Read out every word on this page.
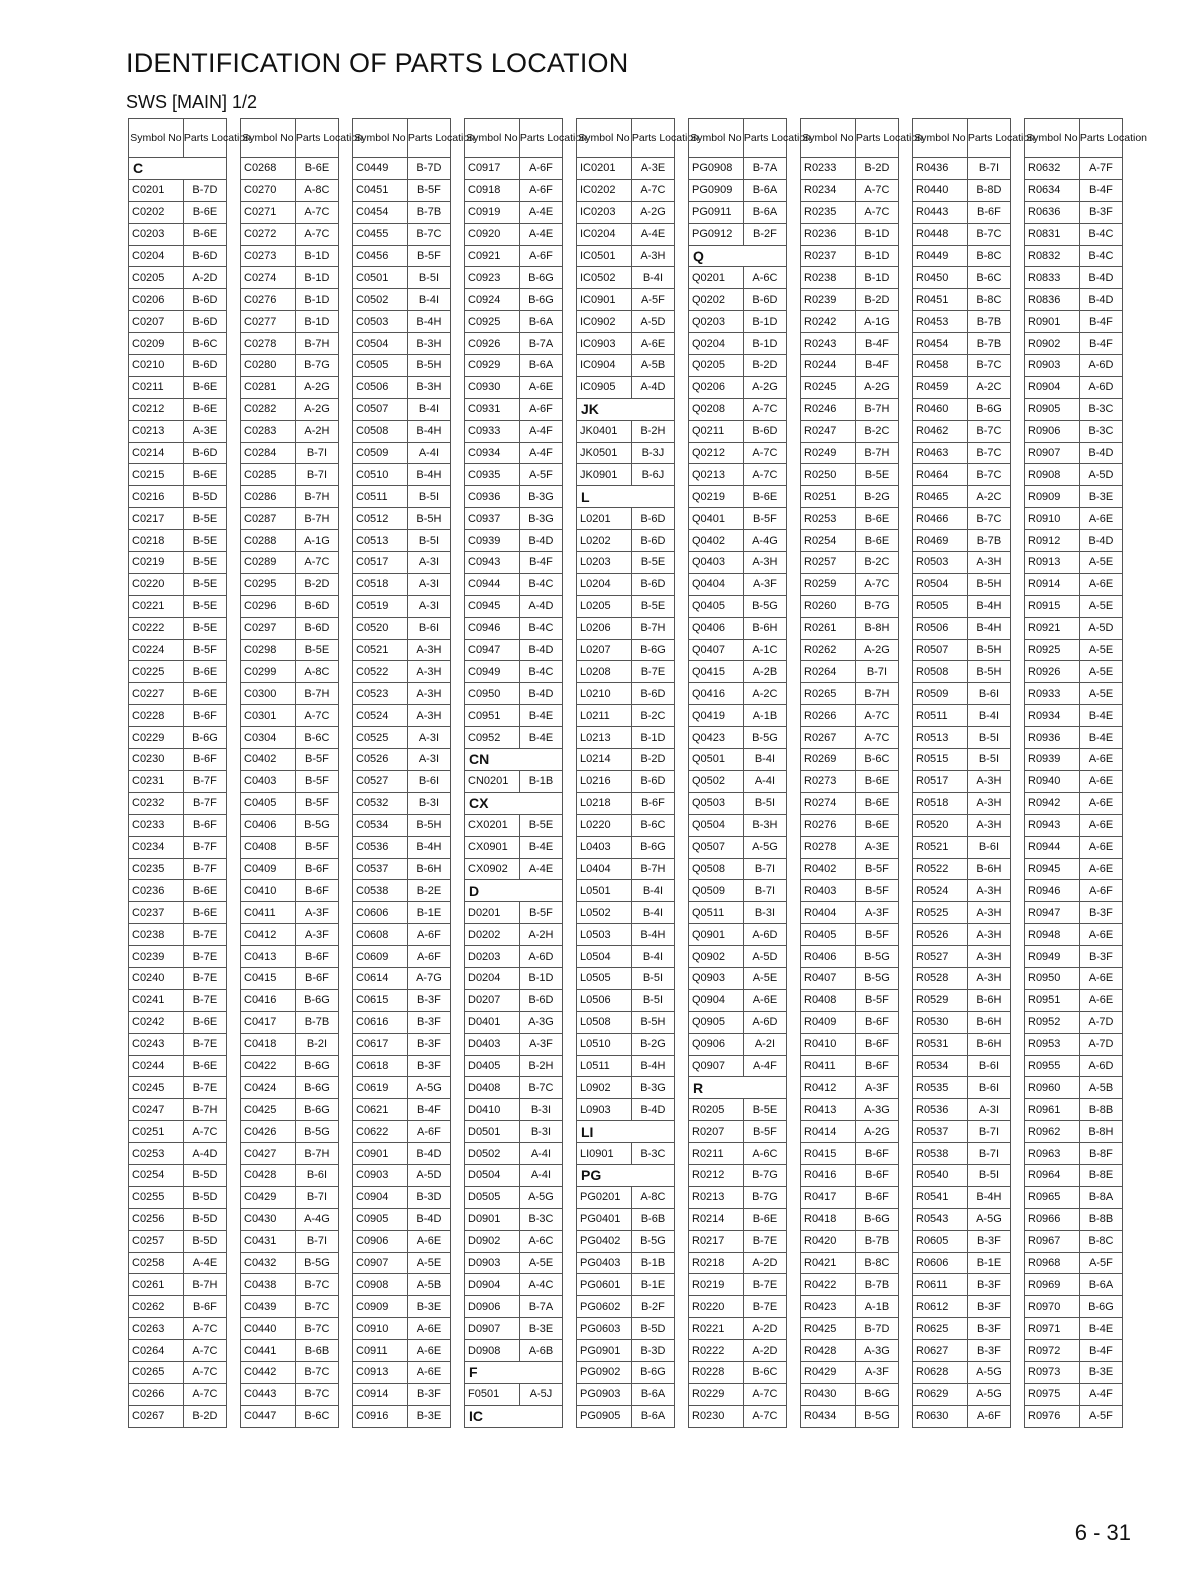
IDENTIFICATION OF PARTS LOCATION
SWS [MAIN] 1/2
Symbol No	Parts Location
C	
C0201	B-7D
C0202	B-6E
C0203	B-6E
C0204	B-6D
C0205	A-2D
C0206	B-6D
C0207	B-6D
C0209	B-6C
C0210	B-6D
C0211	B-6E
C0212	B-6E
C0213	A-3E
C0214	B-6D
C0215	B-6E
C0216	B-5D
C0217	B-5E
C0218	B-5E
C0219	B-5E
C0220	B-5E
C0221	B-5E
C0222	B-5E
C0224	B-5F
C0225	B-6E
C0227	B-6E
C0228	B-6F
C0229	B-6G
C0230	B-6F
C0231	B-7F
C0232	B-7F
C0233	B-6F
C0234	B-7F
C0235	B-7F
C0236	B-6E
C0237	B-6E
C0238	B-7E
C0239	B-7E
C0240	B-7E
C0241	B-7E
C0242	B-6E
C0243	B-7E
C0244	B-6E
C0245	B-7E
C0247	B-7H
C0251	A-7C
C0253	A-4D
C0254	B-5D
C0255	B-5D
C0256	B-5D
C0257	B-5D
C0258	A-4E
C0261	B-7H
C0262	B-6F
C0263	A-7C
C0264	A-7C
C0265	A-7C
C0266	A-7C
C0267	B-2D
Symbol No	Parts Location
C0268	B-6E
C0270	A-8C
C0271	A-7C
C0272	A-7C
C0273	B-1D
C0274	B-1D
C0276	B-1D
C0277	B-1D
C0278	B-7H
C0280	B-7G
C0281	A-2G
C0282	A-2G
C0283	A-2H
C0284	B-7I
C0285	B-7I
C0286	B-7H
C0287	B-7H
C0288	A-1G
C0289	A-7C
C0295	B-2D
C0296	B-6D
C0297	B-6D
C0298	B-5E
C0299	A-8C
C0300	B-7H
C0301	A-7C
C0304	B-6C
C0402	B-5F
C0403	B-5F
C0405	B-5F
C0406	B-5G
C0408	B-5F
C0409	B-6F
C0410	B-6F
C0411	A-3F
C0412	A-3F
C0413	B-6F
C0415	B-6F
C0416	B-6G
C0417	B-7B
C0418	B-2I
C0422	B-6G
C0424	B-6G
C0425	B-6G
C0426	B-5G
C0427	B-7H
C0428	B-6I
C0429	B-7I
C0430	A-4G
C0431	B-7I
C0432	B-5G
C0438	B-7C
C0439	B-7C
C0440	B-7C
C0441	B-6B
C0442	B-7C
C0443	B-7C
C0447	B-6C
Symbol No	Parts Location
C0449	B-7D
C0451	B-5F
C0454	B-7B
C0455	B-7C
C0456	B-5F
C0501	B-5I
C0502	B-4I
C0503	B-4H
C0504	B-3H
C0505	B-5H
C0506	B-3H
C0507	B-4I
C0508	B-4H
C0509	A-4I
C0510	B-4H
C0511	B-5I
C0512	B-5H
C0513	B-5I
C0517	A-3I
C0518	A-3I
C0519	A-3I
C0520	B-6I
C0521	A-3H
C0522	A-3H
C0523	A-3H
C0524	A-3H
C0525	A-3I
C0526	A-3I
C0527	B-6I
C0532	B-3I
C0534	B-5H
C0536	B-4H
C0537	B-6H
C0538	B-2E
C0606	B-1E
C0608	A-6F
C0609	A-6F
C0614	A-7G
C0615	B-3F
C0616	B-3F
C0617	B-3F
C0618	B-3F
C0619	A-5G
C0621	B-4F
C0622	A-6F
C0901	B-4D
C0903	A-5D
C0904	B-3D
C0905	B-4D
C0906	A-6E
C0907	A-5E
C0908	A-5B
C0909	B-3E
C0910	A-6E
C0911	A-6E
C0913	A-6E
C0914	B-3F
C0916	B-3E
Symbol No	Parts Location
C0917	A-6F
C0918	A-6F
C0919	A-4E
C0920	A-4E
C0921	A-6F
C0923	B-6G
C0924	B-6G
C0925	B-6A
C0926	B-7A
C0929	B-6A
C0930	A-6E
C0931	A-6F
C0933	A-4F
C0934	A-4F
C0935	A-5F
C0936	B-3G
C0937	B-3G
C0939	B-4D
C0943	B-4F
C0944	B-4C
C0945	A-4D
C0946	B-4C
C0947	B-4D
C0949	B-4C
C0950	B-4D
C0951	B-4E
C0952	B-4E
CN	
CN0201	B-1B
CX	
CX0201	B-5E
CX0901	B-4E
CX0902	A-4E
D	
D0201	B-5F
D0202	A-2H
D0203	A-6D
D0204	B-1D
D0207	B-6D
D0401	A-3G
D0403	A-3F
D0405	B-2H
D0408	B-7C
D0410	B-3I
D0501	B-3I
D0502	A-4I
D0504	A-4I
D0505	A-5G
D0901	B-3C
D0902	A-6C
D0903	A-5E
D0904	A-4C
D0906	B-7A
D0907	B-3E
D0908	A-6B
F	
F0501	A-5J
IC	
Symbol No	Parts Location
IC0201	A-3E
IC0202	A-7C
IC0203	A-2G
IC0204	A-4E
IC0501	A-3H
IC0502	B-4I
IC0901	A-5F
IC0902	A-5D
IC0903	A-6E
IC0904	A-5B
IC0905	A-4D
JK	
JK0401	B-2H
JK0501	B-3J
JK0901	B-6J
L	
L0201	B-6D
L0202	B-6D
L0203	B-5E
L0204	B-6D
L0205	B-5E
L0206	B-7H
L0207	B-6G
L0208	B-7E
L0210	B-6D
L0211	B-2C
L0213	B-1D
L0214	B-2D
L0216	B-6D
L0218	B-6F
L0220	B-6C
L0403	B-6G
L0404	B-7H
L0501	B-4I
L0502	B-4I
L0503	B-4H
L0504	B-4I
L0505	B-5I
L0506	B-5I
L0508	B-5H
L0510	B-2G
L0511	B-4H
L0902	B-3G
L0903	B-4D
LI	
LI0901	B-3C
PG	
PG0201	A-8C
PG0401	B-6B
PG0402	B-5G
PG0403	B-1B
PG0601	B-1E
PG0602	B-2F
PG0603	B-5D
PG0901	B-3D
PG0902	B-6G
PG0903	B-6A
PG0905	B-6A
Symbol No	Parts Location
PG0908	B-7A
PG0909	B-6A
PG0911	B-6A
PG0912	B-2F
Q	
Q0201	A-6C
Q0202	B-6D
Q0203	B-1D
Q0204	B-1D
Q0205	B-2D
Q0206	A-2G
Q0208	A-7C
Q0211	B-6D
Q0212	A-7C
Q0213	A-7C
Q0219	B-6E
Q0401	B-5F
Q0402	A-4G
Q0403	A-3H
Q0404	A-3F
Q0405	B-5G
Q0406	B-6H
Q0407	A-1C
Q0415	A-2B
Q0416	A-2C
Q0419	A-1B
Q0423	B-5G
Q0501	B-4I
Q0502	A-4I
Q0503	B-5I
Q0504	B-3H
Q0507	A-5G
Q0508	B-7I
Q0509	B-7I
Q0511	B-3I
Q0901	A-6D
Q0902	A-5D
Q0903	A-5E
Q0904	A-6E
Q0905	A-6D
Q0906	A-2I
Q0907	A-4F
R	
R0205	B-5E
R0207	B-5F
R0211	A-6C
R0212	B-7G
R0213	B-7G
R0214	B-6E
R0217	B-7E
R0218	A-2D
R0219	B-7E
R0220	B-7E
R0221	A-2D
R0222	A-2D
R0228	B-6C
R0229	A-7C
R0230	A-7C
Symbol No	Parts Location
R0233	B-2D
R0234	A-7C
R0235	A-7C
R0236	B-1D
R0237	B-1D
R0238	B-1D
R0239	B-2D
R0242	A-1G
R0243	B-4F
R0244	B-4F
R0245	A-2G
R0246	B-7H
R0247	B-2C
R0249	B-7H
R0250	B-5E
R0251	B-2G
R0253	B-6E
R0254	B-6E
R0257	B-2C
R0259	A-7C
R0260	B-7G
R0261	B-8H
R0262	A-2G
R0264	B-7I
R0265	B-7H
R0266	A-7C
R0267	A-7C
R0269	B-6C
R0273	B-6E
R0274	B-6E
R0276	B-6E
R0278	A-3E
R0402	B-5F
R0403	B-5F
R0404	A-3F
R0405	B-5F
R0406	B-5G
R0407	B-5G
R0408	B-5F
R0409	B-6F
R0410	B-6F
R0411	B-6F
R0412	A-3F
R0413	A-3G
R0414	A-2G
R0415	B-6F
R0416	B-6F
R0417	B-6F
R0418	B-6G
R0420	B-7B
R0421	B-8C
R0422	B-7B
R0423	A-1B
R0425	B-7D
R0428	A-3G
R0429	A-3F
R0430	B-6G
R0434	B-5G
Symbol No	Parts Location
R0436	B-7I
R0440	B-8D
R0443	B-6F
R0448	B-7C
R0449	B-8C
R0450	B-6C
R0451	B-8C
R0453	B-7B
R0454	B-7B
R0458	B-7C
R0459	A-2C
R0460	B-6G
R0462	B-7C
R0463	B-7C
R0464	B-7C
R0465	A-2C
R0466	B-7C
R0469	B-7B
R0503	A-3H
R0504	B-5H
R0505	B-4H
R0506	B-4H
R0507	B-5H
R0508	B-5H
R0509	B-6I
R0511	B-4I
R0513	B-5I
R0515	B-5I
R0517	A-3H
R0518	A-3H
R0520	A-3H
R0521	B-6I
R0522	B-6H
R0524	A-3H
R0525	A-3H
R0526	A-3H
R0527	A-3H
R0528	A-3H
R0529	B-6H
R0530	B-6H
R0531	B-6H
R0534	B-6I
R0535	B-6I
R0536	A-3I
R0537	B-7I
R0538	B-7I
R0540	B-5I
R0541	B-4H
R0543	A-5G
R0605	B-3F
R0606	B-1E
R0611	B-3F
R0612	B-3F
R0625	B-3F
R0627	B-3F
R0628	A-5G
R0629	A-5G
R0630	A-6F
Symbol No	Parts Location
R0632	A-7F
R0634	B-4F
R0636	B-3F
R0831	B-4C
R0832	B-4C
R0833	B-4D
R0836	B-4D
R0901	B-4F
R0902	B-4F
R0903	A-6D
R0904	A-6D
R0905	B-3C
R0906	B-3C
R0907	B-4D
R0908	A-5D
R0909	B-3E
R0910	A-6E
R0912	B-4D
R0913	A-5E
R0914	A-6E
R0915	A-5E
R0921	A-5D
R0925	A-5E
R0926	A-5E
R0933	A-5E
R0934	B-4E
R0936	B-4E
R0939	A-6E
R0940	A-6E
R0942	A-6E
R0943	A-6E
R0944	A-6E
R0945	A-6E
R0946	A-6F
R0947	B-3F
R0948	A-6E
R0949	B-3F
R0950	A-6E
R0951	A-6E
R0952	A-7D
R0953	A-7D
R0955	A-6D
R0960	A-5B
R0961	B-8B
R0962	B-8H
R0963	B-8F
R0964	B-8E
R0965	B-8A
R0966	B-8B
R0967	B-8C
R0968	A-5F
R0969	B-6A
R0970	B-6G
R0971	B-4E
R0972	B-4F
R0973	B-3E
R0975	A-4F
R0976	A-5F
6 - 31
